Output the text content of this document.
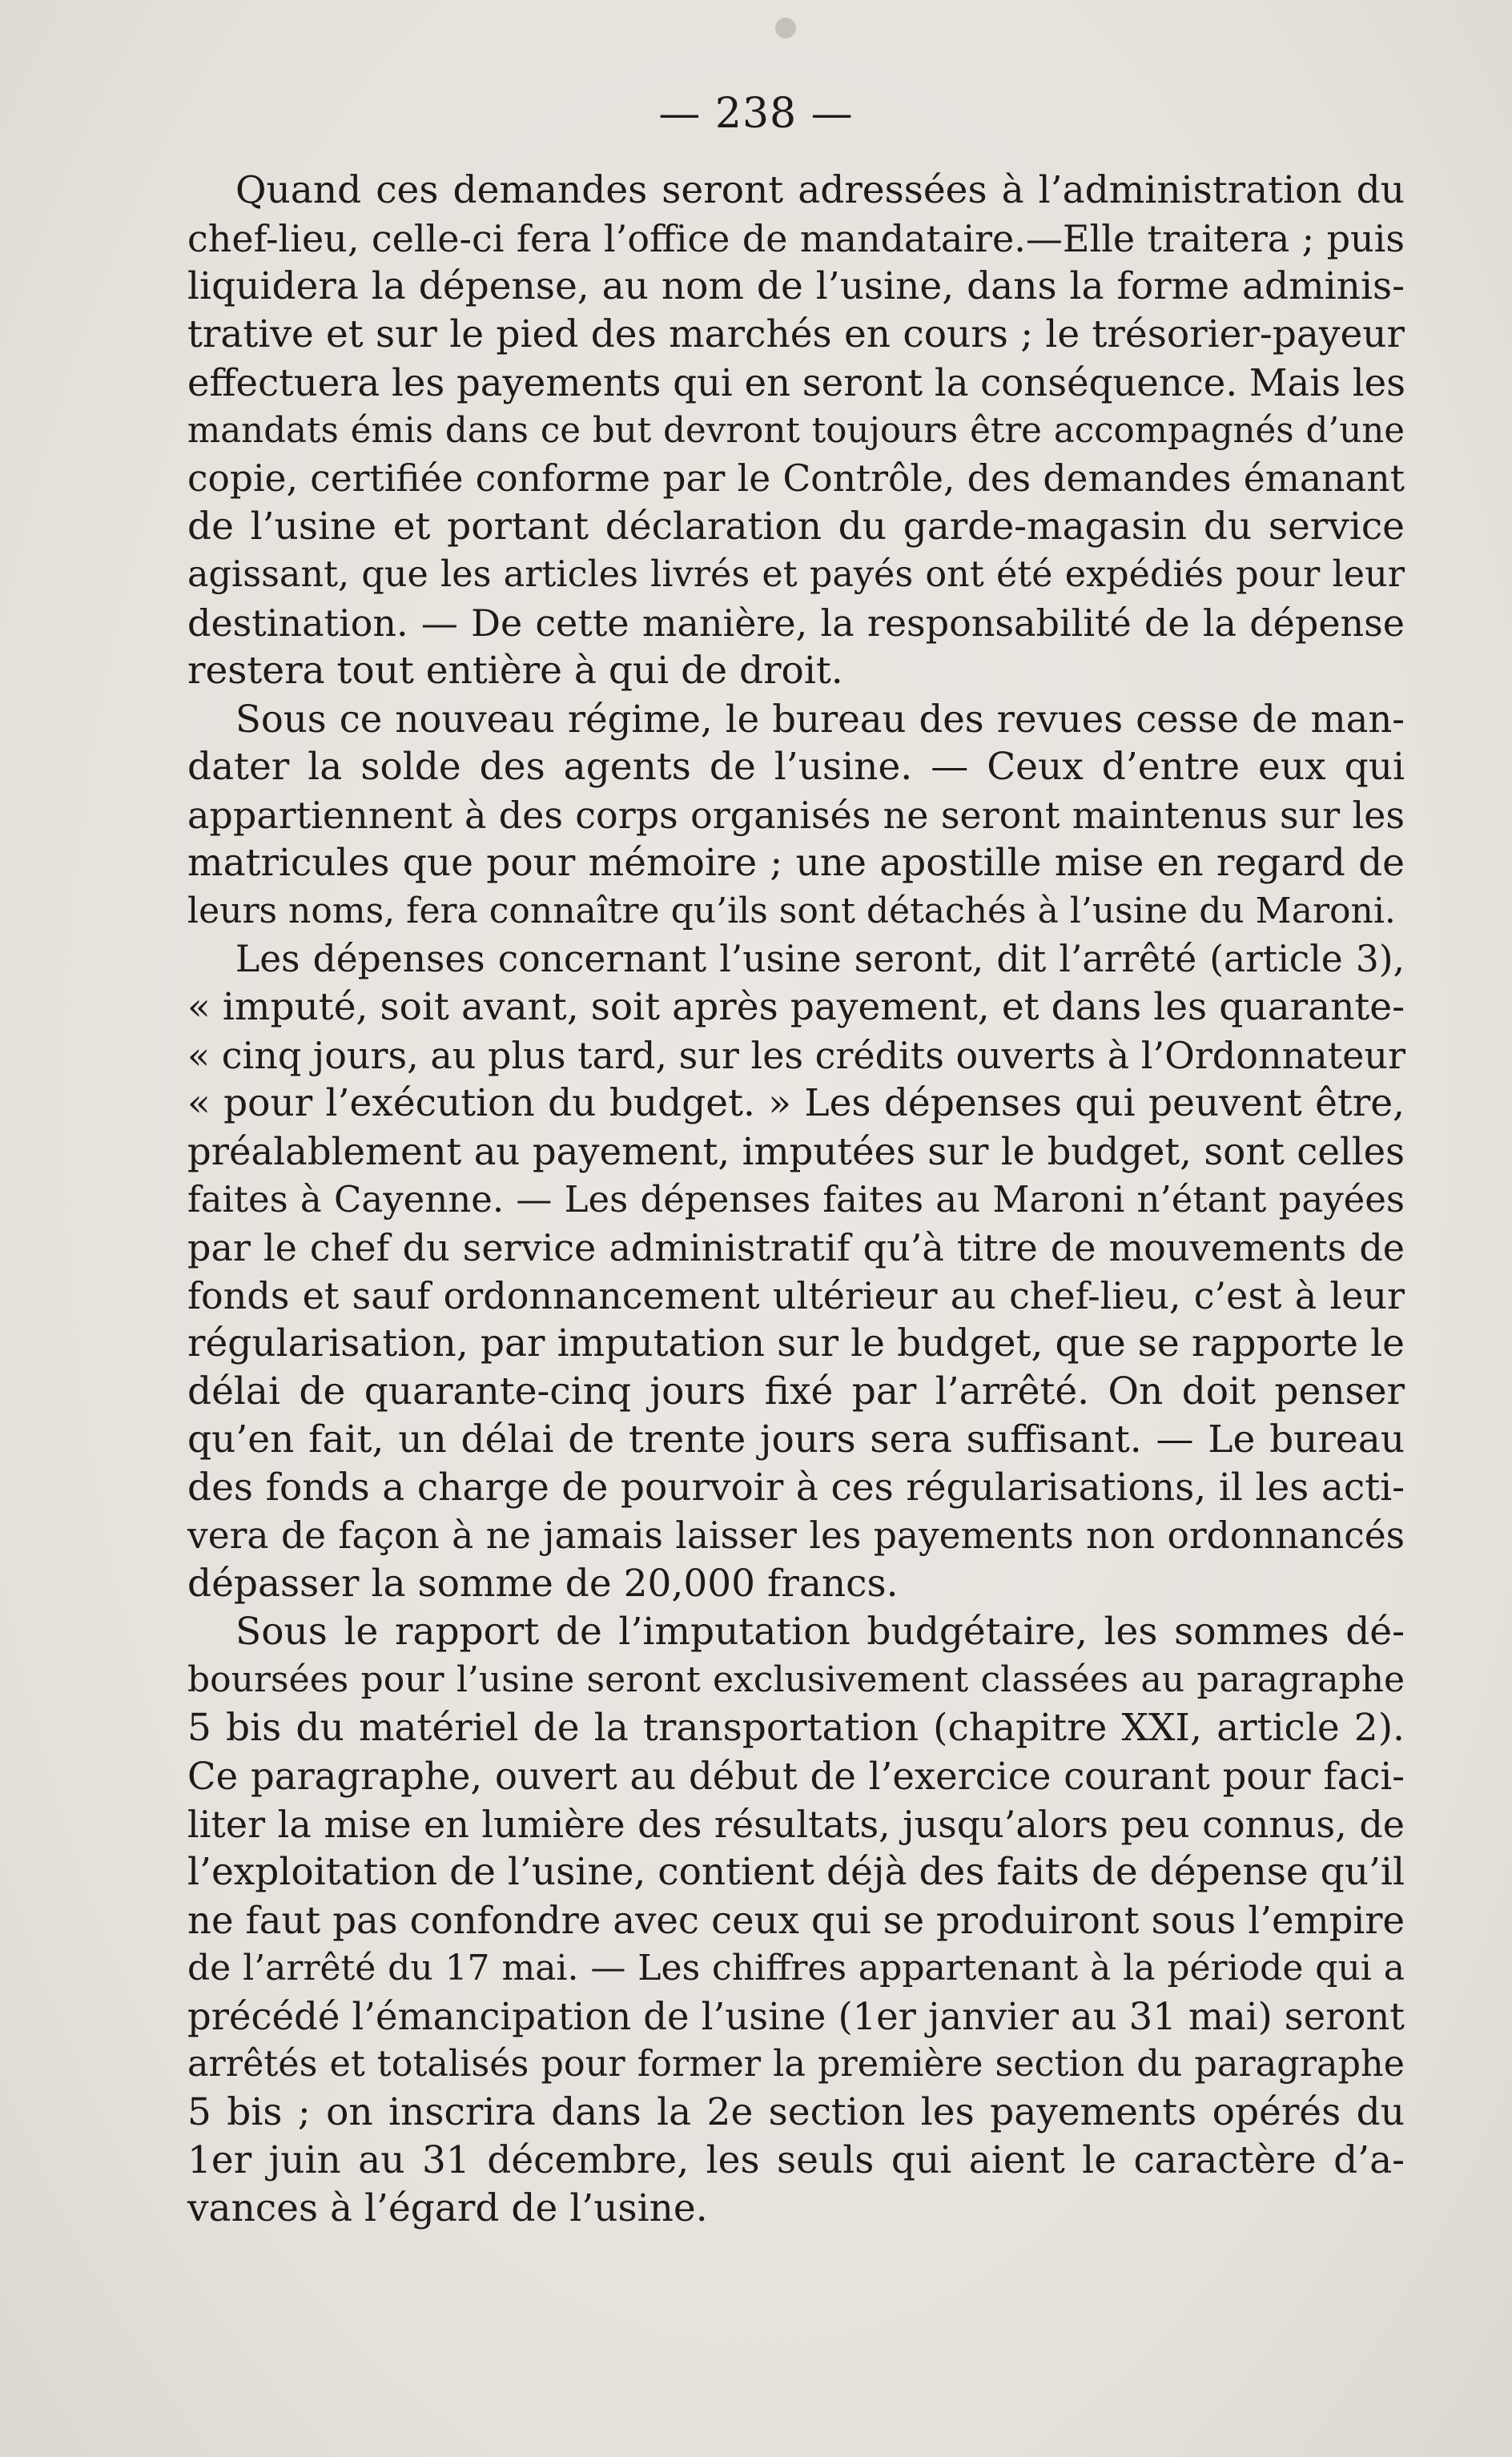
— 238 —
Quand ces demandes seront adressées à l’administration du
chef-lieu, celle-ci fera l’office de mandataire.—Elle traitera ; puis
liquidera la dépense, au nom de l’usine, dans la forme adminis-
trative et sur le pied des marchés en cours ; le trésorier-payeur
effectuera les payements qui en seront la conséquence. Mais les
mandats émis dans ce but devront toujours être accompagnés d’une
copie, certifiée conforme par le Contrôle, des demandes émanant
de l’usine et portant déclaration du garde-magasin du service
agissant, que les articles livrés et payés ont été expédiés pour leur
destination. — De cette manière, la responsabilité de la dépense
restera tout entière à qui de droit.
Sous ce nouveau régime, le bureau des revues cesse de man-
dater la solde des agents de l’usine. — Ceux d’entre eux qui
appartiennent à des corps organisés ne seront maintenus sur les
matricules que pour mémoire ; une apostille mise en regard de
leurs noms, fera connaître qu’ils sont détachés à l’usine du Maroni.
Les dépenses concernant l’usine seront, dit l’arrêté (article 3),
« imputé, soit avant, soit après payement, et dans les quarante-
« cinq jours, au plus tard, sur les crédits ouverts à l’Ordonnateur
« pour l’exécution du budget. » Les dépenses qui peuvent être,
préalablement au payement, imputées sur le budget, sont celles
faites à Cayenne. — Les dépenses faites au Maroni n’étant payées
par le chef du service administratif qu’à titre de mouvements de
fonds et sauf ordonnancement ultérieur au chef-lieu, c’est à leur
régularisation, par imputation sur le budget, que se rapporte le
délai de quarante-cinq jours fixé par l’arrêté. On doit penser
qu’en fait, un délai de trente jours sera suffisant. — Le bureau
des fonds a charge de pourvoir à ces régularisations, il les acti-
vera de façon à ne jamais laisser les payements non ordonnancés
dépasser la somme de 20,000 francs.
Sous le rapport de l’imputation budgétaire, les sommes dé-
boursées pour l’usine seront exclusivement classées au paragraphe
5 bis du matériel de la transportation (chapitre XXI, article 2).
Ce paragraphe, ouvert au début de l’exercice courant pour faci-
liter la mise en lumière des résultats, jusqu’alors peu connus, de
l’exploitation de l’usine, contient déjà des faits de dépense qu’il
ne faut pas confondre avec ceux qui se produiront sous l’empire
de l’arrêté du 17 mai. — Les chiffres appartenant à la période qui a
précédé l’émancipation de l’usine (1er janvier au 31 mai) seront
arrêtés et totalisés pour former la première section du paragraphe
5 bis ; on inscrira dans la 2e section les payements opérés du
1er juin au 31 décembre, les seuls qui aient le caractère d’a-
vances à l’égard de l’usine.
